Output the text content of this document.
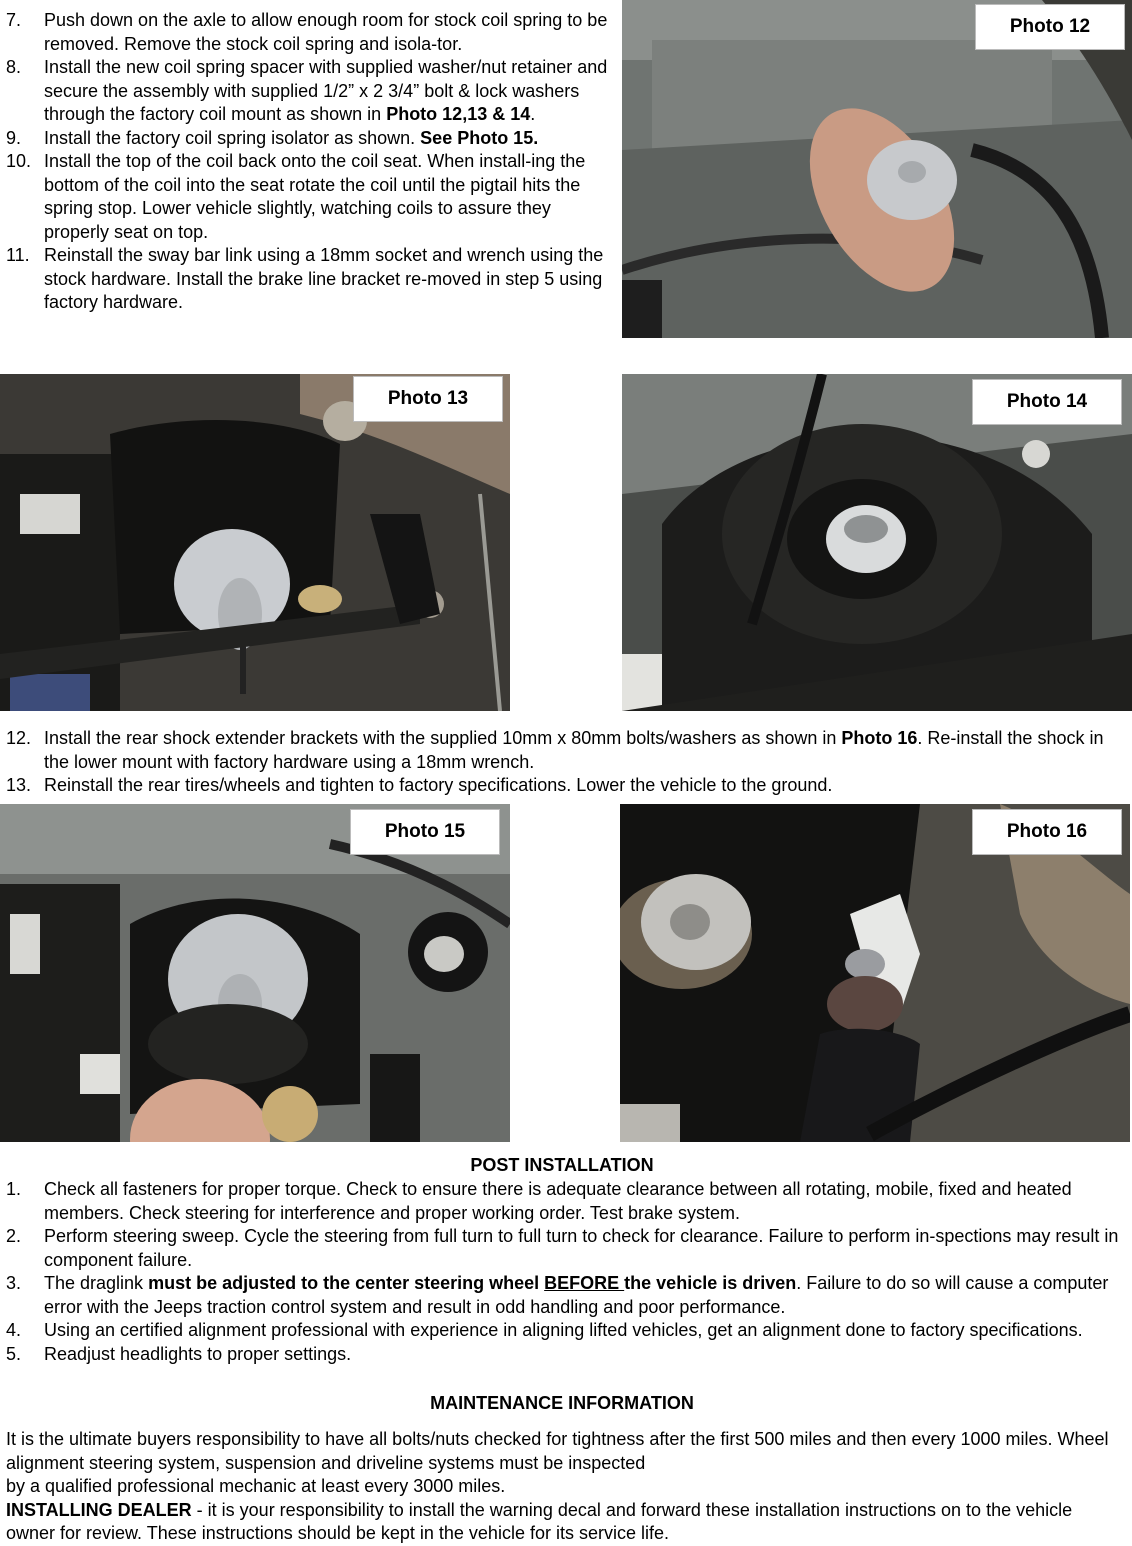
7. Push down on the axle to allow enough room for stock coil spring to be removed. Remove the stock coil spring and isola-tor.
8. Install the new coil spring spacer with supplied washer/nut retainer and secure the assembly with supplied 1/2” x 2 3/4” bolt & lock washers through the factory coil mount as shown in Photo 12,13 & 14.
9. Install the factory coil spring isolator as shown. See Photo 15.
10. Install the top of the coil back onto the coil seat. When install-ing the bottom of the coil into the seat rotate the coil until the pigtail hits the spring stop. Lower vehicle slightly, watching coils to assure they properly seat on top.
11. Reinstall the sway bar link using a 18mm socket and wrench using the stock hardware. Install the brake line bracket re-moved in step 5 using factory hardware.
Photo 12
Photo 13	Photo 14
12. Install the rear shock extender brackets with the supplied 10mm x 80mm bolts/washers as shown in Photo 16. Re-install the shock in the lower mount with factory hardware using a 18mm wrench.
13. Reinstall the rear tires/wheels and tighten to factory specifications. Lower the vehicle to the ground.
Photo 15	Photo 16
POST INSTALLATION
1. Check all fasteners for proper torque. Check to ensure there is adequate clearance between all rotating, mobile, fixed and heated members. Check steering for interference and proper working order. Test brake system.
2. Perform steering sweep. Cycle the steering from full turn to full turn to check for clearance. Failure to perform in-spections may result in component failure.
3. The draglink must be adjusted to the center steering wheel BEFORE the vehicle is driven. Failure to do so will cause a computer error with the Jeeps traction control system and result in odd handling and poor performance.
4. Using an certified alignment professional with experience in aligning lifted vehicles, get an alignment done to factory specifications.
5. Readjust headlights to proper settings.
MAINTENANCE INFORMATION
It is the ultimate buyers responsibility to have all bolts/nuts checked for tightness after the first 500 miles and then every 1000 miles. Wheel alignment steering system, suspension and driveline systems must be inspected
by a qualified professional mechanic at least every 3000 miles.
INSTALLING DEALER - it is your responsibility to install the warning decal and forward these installation instructions on to the vehicle owner for review. These instructions should be kept in the vehicle for its service life.
